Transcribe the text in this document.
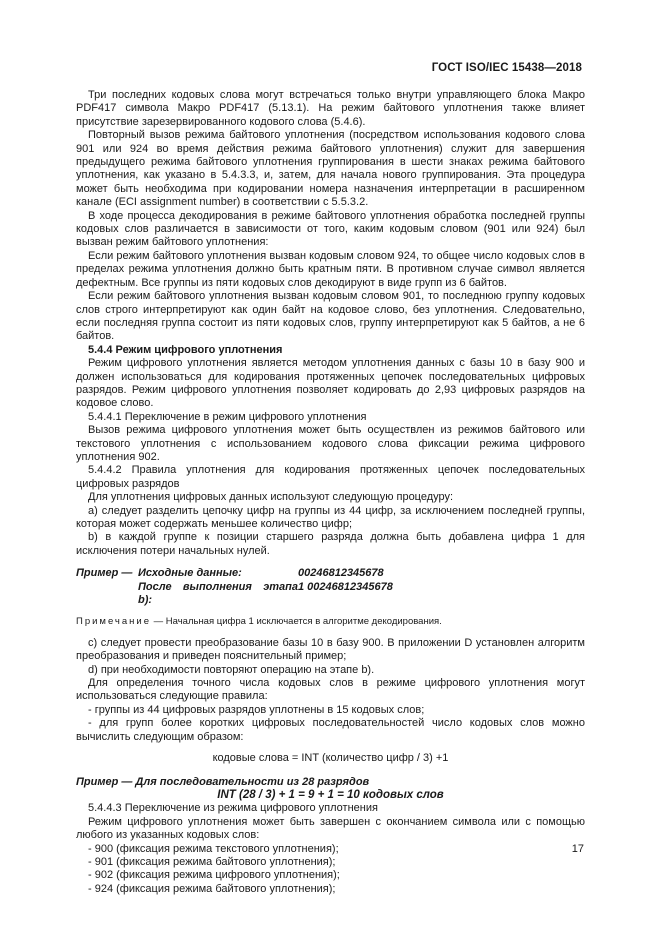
ГОСТ ISO/IEC 15438—2018

Три последних кодовых слова могут встречаться только внутри управляющего блока Макро PDF417 символа Макро PDF417 (5.13.1). На режим байтового уплотнения также влияет присутствие зарезервированного кодового слова (5.4.6).

Повторный вызов режима байтового уплотнения (посредством использования кодового слова 901 или 924 во время действия режима байтового уплотнения) служит для завершения предыдущего режима байтового уплотнения группирования в шести знаках режима байтового уплотнения, как указано в 5.4.3.3, и, затем, для начала нового группирования. Эта процедура может быть необходима при кодировании номера назначения интерпретации в расширенном канале (ECI assignment number) в соответствии с 5.5.3.2.

В ходе процесса декодирования в режиме байтового уплотнения обработка последней группы кодовых слов различается в зависимости от того, каким кодовым словом (901 или 924) был вызван режим байтового уплотнения:

Если режим байтового уплотнения вызван кодовым словом 924, то общее число кодовых слов в пределах режима уплотнения должно быть кратным пяти. В противном случае символ является дефектным. Все группы из пяти кодовых слов декодируют в виде групп из 6 байтов.

Если режим байтового уплотнения вызван кодовым словом 901, то последнюю группу кодовых слов строго интерпретируют как один байт на кодовое слово, без уплотнения. Следовательно, если последняя группа состоит из пяти кодовых слов, группу интерпретируют как 5 байтов, а не 6 байтов.

5.4.4 Режим цифрового уплотнения

Режим цифрового уплотнения является методом уплотнения данных с базы 10 в базу 900 и должен использоваться для кодирования протяженных цепочек последовательных цифровых разрядов. Режим цифрового уплотнения позволяет кодировать до 2,93 цифровых разрядов на кодовое слово.

5.4.4.1 Переключение в режим цифрового уплотнения

Вызов режима цифрового уплотнения может быть осуществлен из режимов байтового или текстового уплотнения с использованием кодового слова фиксации режима цифрового уплотнения 902.

5.4.4.2 Правила уплотнения для кодирования протяженных цепочек последовательных цифровых разрядов

Для уплотнения цифровых данных используют следующую процедуру:

а) следует разделить цепочку цифр на группы из 44 цифр, за исключением последней группы, которая может содержать меньшее количество цифр;

b) в каждой группе к позиции старшего разряда должна быть добавлена цифра 1 для исключения потери начальных нулей.

Пример — Исходные данные:	00246812345678
После выполнения этапа b):
1 00246812345678

Примечание — Начальная цифра 1 исключается в алгоритме декодирования.

c) следует провести преобразование базы 10 в базу 900. В приложении D установлен алгоритм преобразования и приведен пояснительный пример;

d) при необходимости повторяют операцию на этапе b).

Для определения точного числа кодовых слов в режиме цифрового уплотнения могут использоваться следующие правила:

- группы из 44 цифровых разрядов уплотнены в 15 кодовых слов;

- для групп более коротких цифровых последовательностей число кодовых слов можно вычислить следующим образом:

кодовые слова = INT (количество цифр / 3) +1

Пример — Для последовательности из 28 разрядов

INT (28 / 3) + 1 = 9 + 1 = 10 кодовых слов

5.4.4.3 Переключение из режима цифрового уплотнения

Режим цифрового уплотнения может быть завершен с окончанием символа или с помощью любого из указанных кодовых слов:

- 900 (фиксация режима текстового уплотнения);

- 901 (фиксация режима байтового уплотнения);

- 902 (фиксация режима цифрового уплотнения);

- 924 (фиксация режима байтового уплотнения);

17
